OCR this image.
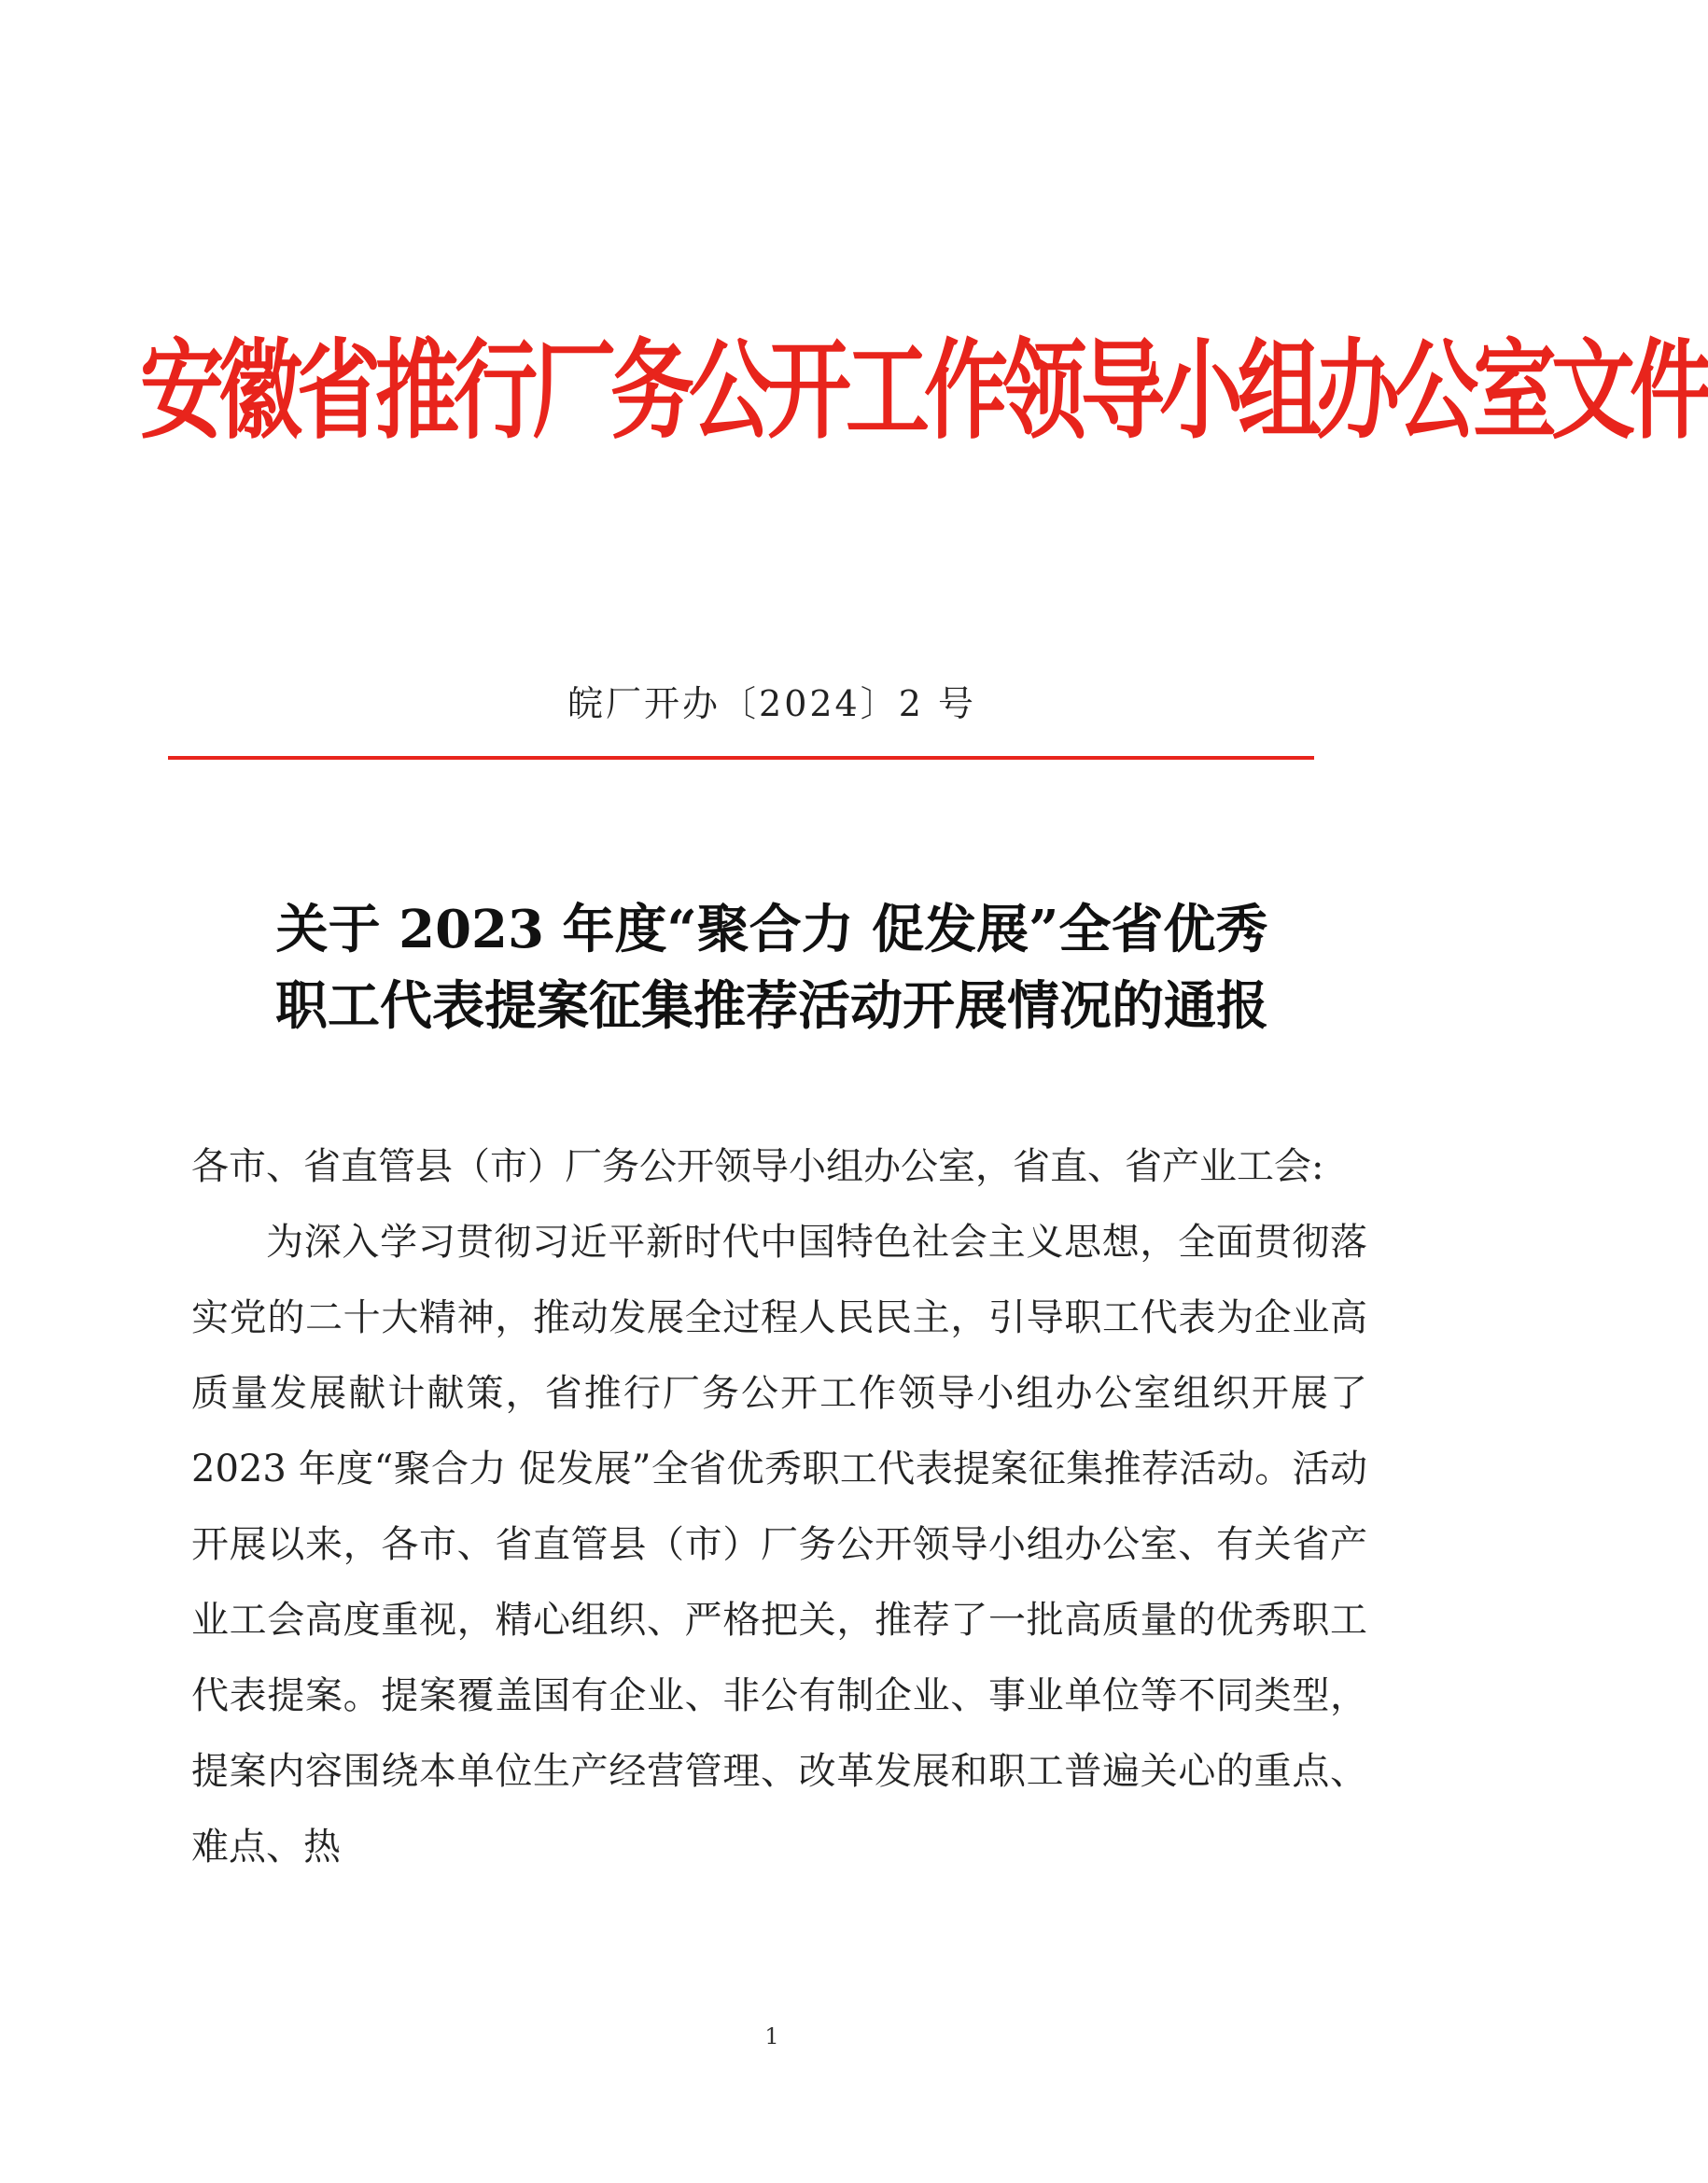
安徽省推行厂务公开工作领导小组办公室文件
皖厂开办〔2024〕2 号
关于 2023 年度“聚合力 促发展”全省优秀
职工代表提案征集推荐活动开展情况的通报

各市、省直管县（市）厂务公开领导小组办公室，省直、省产业工会:

为深入学习贯彻习近平新时代中国特色社会主义思想，全面贯彻落实党的二十大精神，推动发展全过程人民民主，引导职工代表为企业高质量发展献计献策，省推行厂务公开工作领导小组办公室组织开展了 2023 年度“聚合力 促发展”全省优秀职工代表提案征集推荐活动。活动开展以来，各市、省直管县（市）厂务公开领导小组办公室、有关省产业工会高度重视，精心组织、严格把关，推荐了一批高质量的优秀职工代表提案。提案覆盖国有企业、非公有制企业、事业单位等不同类型，提案内容围绕本单位生产经营管理、改革发展和职工普遍关心的重点、难点、热

1
